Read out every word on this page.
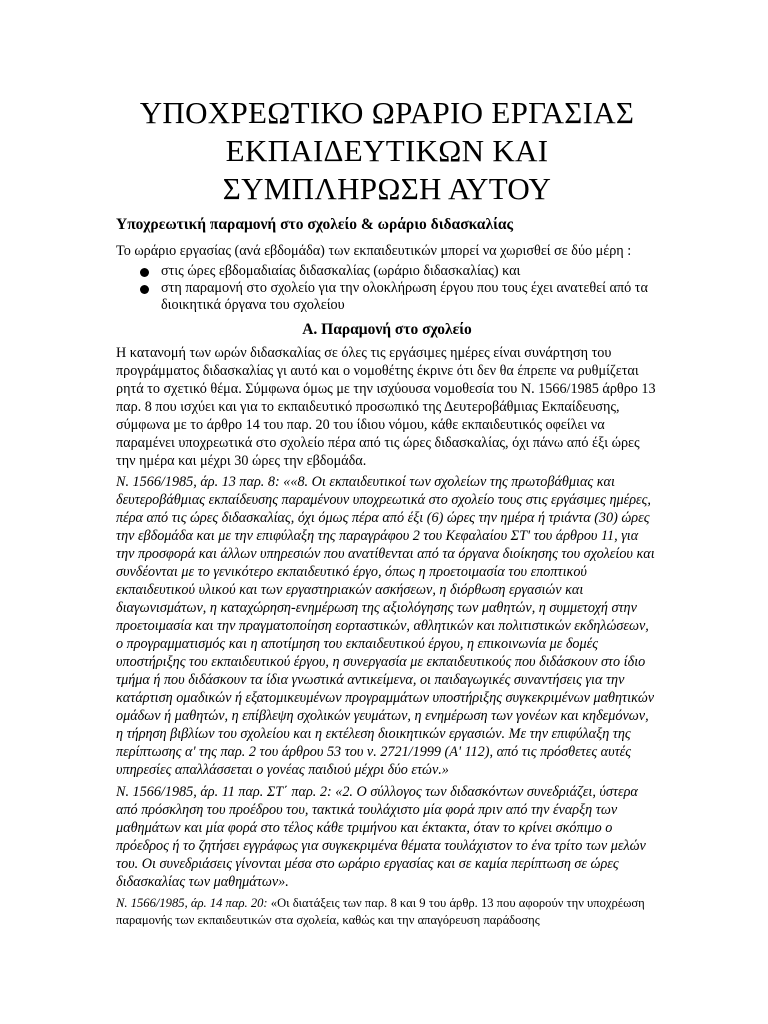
ΥΠΟΧΡΕΩΤΙΚΟ ΩΡΑΡΙΟ ΕΡΓΑΣΙΑΣ
ΕΚΠΑΙΔΕΥΤΙΚΩΝ ΚΑΙ
ΣΥΜΠΛΗΡΩΣΗ ΑΥΤΟΥ
Υποχρεωτική παραμονή στο σχολείο & ωράριο διδασκαλίας

Το ωράριο εργασίας (ανά εβδομάδα) των εκπαιδευτικών μπορεί να χωρισθεί σε δύο μέρη :

στις ώρες εβδομαδιαίας διδασκαλίας (ωράριο διδασκαλίας) και
στη παραμονή στο σχολείο για την ολοκλήρωση έργου που τους έχει ανατεθεί από τα διοικητικά όργανα του σχολείου
Α. Παραμονή στο σχολείο

Η κατανομή των ωρών διδασκαλίας σε όλες τις εργάσιμες ημέρες είναι συνάρτηση του προγράμματος διδασκαλίας γι αυτό και ο νομοθέτης έκρινε ότι δεν θα έπρεπε να ρυθμίζεται ρητά το σχετικό θέμα. Σύμφωνα όμως με την ισχύουσα νομοθεσία του Ν. 1566/1985 άρθρο 13 παρ. 8 που ισχύει και για το εκπαιδευτικό προσωπικό της Δευτεροβάθμιας Εκπαίδευσης, σύμφωνα με το άρθρο 14 του παρ. 20 του ίδιου νόμου, κάθε εκπαιδευτικός οφείλει να παραμένει υποχρεωτικά στο σχολείο πέρα από τις ώρες διδασκαλίας, όχι πάνω από έξι ώρες την ημέρα και μέχρι 30 ώρες την εβδομάδα.

Ν. 1566/1985, άρ. 13 παρ. 8: ««8. Οι εκπαιδευτικοί των σχολείων της πρωτοβάθμιας και δευτεροβάθμιας εκπαίδευσης παραμένουν υποχρεωτικά στο σχολείο τους στις εργάσιμες ημέρες, πέρα από τις ώρες διδασκαλίας, όχι όμως πέρα από έξι (6) ώρες την ημέρα ή τριάντα (30) ώρες την εβδομάδα και με την επιφύλαξη της παραγράφου 2 του Κεφαλαίου ΣΤ' του άρθρου 11, για την προσφορά και άλλων υπηρεσιών που ανατίθενται από τα όργανα διοίκησης του σχολείου και συνδέονται με το γενικότερο εκπαιδευτικό έργο, όπως η προετοιμασία του εποπτικού εκπαιδευτικού υλικού και των εργαστηριακών ασκήσεων, η διόρθωση εργασιών και διαγωνισμάτων, η καταχώρηση-ενημέρωση της αξιολόγησης των μαθητών, η συμμετοχή στην προετοιμασία και την πραγματοποίηση εορταστικών, αθλητικών και πολιτιστικών εκδηλώσεων, ο προγραμματισμός και η αποτίμηση του εκπαιδευτικού έργου, η επικοινωνία με δομές υποστήριξης του εκπαιδευτικού έργου, η συνεργασία με εκπαιδευτικούς που διδάσκουν στο ίδιο τμήμα ή που διδάσκουν τα ίδια γνωστικά αντικείμενα, οι παιδαγωγικές συναντήσεις για την κατάρτιση ομαδικών ή εξατομικευμένων προγραμμάτων υποστήριξης συγκεκριμένων μαθητικών ομάδων ή μαθητών, η επίβλεψη σχολικών γευμάτων, η ενημέρωση των γονέων και κηδεμόνων, η τήρηση βιβλίων του σχολείου και η εκτέλεση διοικητικών εργασιών. Με την επιφύλαξη της περίπτωσης α' της παρ. 2 του άρθρου 53 του ν. 2721/1999 (Α' 112), από τις πρόσθετες αυτές υπηρεσίες απαλλάσσεται ο γονέας παιδιού μέχρι δύο ετών.»

Ν. 1566/1985, άρ. 11 παρ. ΣΤ΄ παρ. 2: «2. Ο σύλλογος των διδασκόντων συνεδριάζει, ύστερα από πρόσκληση του προέδρου του, τακτικά τουλάχιστο μία φορά πριν από την έναρξη των μαθημάτων και μία φορά στο τέλος κάθε τριμήνου και έκτακτα, όταν το κρίνει σκόπιμο ο πρόεδρος ή το ζητήσει εγγράφως για συγκεκριμένα θέματα τουλάχιστον το ένα τρίτο των μελών του. Οι συνεδριάσεις γίνονται μέσα στο ωράριο εργασίας και σε καμία περίπτωση σε ώρες διδασκαλίας των μαθημάτων».

Ν. 1566/1985, άρ. 14 παρ. 20: «Οι διατάξεις των παρ. 8 και 9 του άρθρ. 13 που αφορούν την υποχρέωση παραμονής των εκπαιδευτικών στα σχολεία, καθώς και την απαγόρευση παράδοσης
